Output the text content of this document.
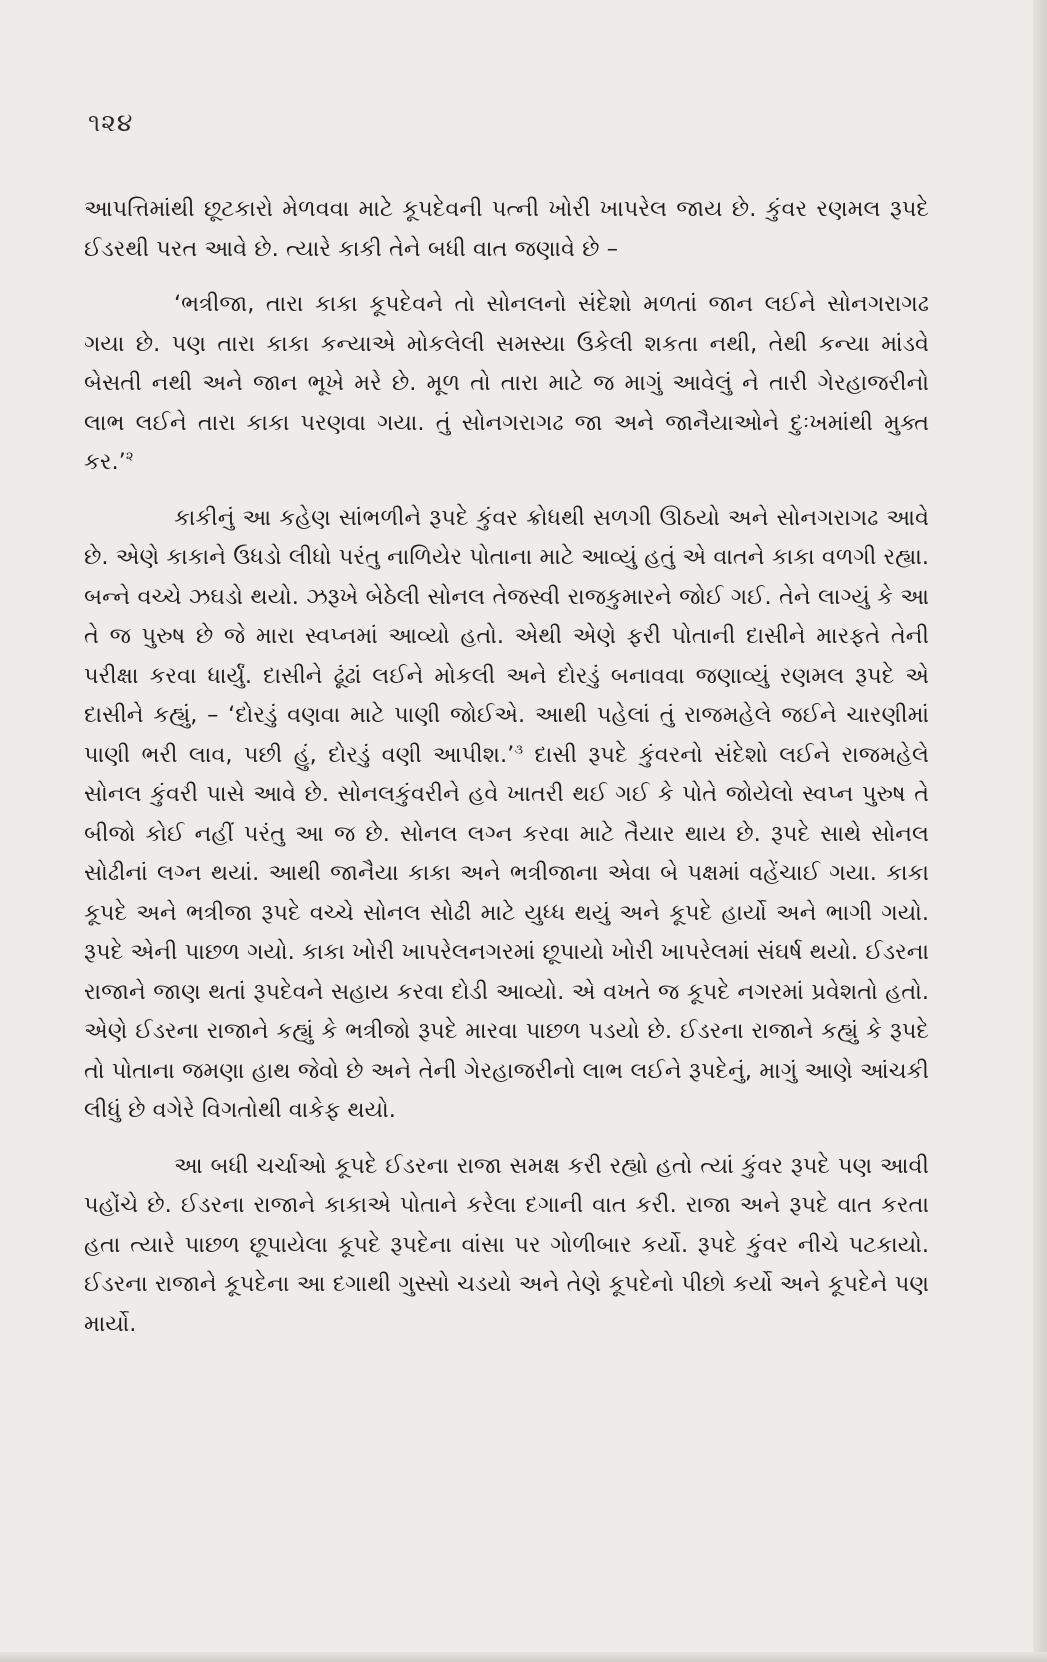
૧૨૪

આપત્તિમાંથી છૂટકારો મેળવવા માટે કૂપદેવની પત્ની ખોરી ખાપરેલ જાય છે. કુંવર રણમલ રૂપદે ઈડરથી પરત આવે છે. ત્યારે કાકી તેને બધી વાત જણાવે છે –

‘ભત્રીજા, તારા કાકા કૂપદેવને તો સોનલનો સંદેશો મળતાં જાન લઈને સોનગરાગઢ ગયા છે. પણ તારા કાકા કન્યાએ મોકલેલી સમસ્યા ઉકેલી શકતા નથી, તેથી કન્યા માંડવે બેસતી નથી અને જાન ભૂખે મરે છે. મૂળ તો તારા માટે જ માગું આવેલું ને તારી ગેરહાજરીનો લાભ લઈને તારા કાકા પરણવા ગયા. તું સોનગરાગઢ જા અને જાનૈયાઓને દુઃખમાંથી મુક્ત કર.’$^૨$

કાકીનું આ કહેણ સાંભળીને રૂપદે કુંવર ક્રોધથી સળગી ઊઠયો અને સોનગરાગઢ આવે છે. એણે કાકાને ઉધડો લીધો પરંતુ નાળિયેર પોતાના માટે આવ્યું હતું એ વાતને કાકા વળગી રહ્યા. બન્ને વચ્ચે ઝઘડો થયો. ઝરૂખે બેઠેલી સોનલ તેજસ્વી રાજકુમારને જોઈ ગઈ. તેને લાગ્યું કે આ તે જ પુરુષ છે જે મારા સ્વપ્નમાં આવ્યો હતો. એથી એણે ફરી પોતાની દાસીને મારફતે તેની પરીક્ષા કરવા ધાર્યું. દાસીને ઢૂંઢાં લઈને મોકલી અને દોરડું બનાવવા જણાવ્યું રણમલ રૂપદે એ દાસીને કહ્યું, – ‘દોરડું વણવા માટે પાણી જોઈએ. આથી પહેલાં તું રાજમહેલે જઈને ચારણીમાં પાણી ભરી લાવ, પછી હું, દોરડું વણી આપીશ.’$^૩$ દાસી રૂપદે કુંવરનો સંદેશો લઈને રાજમહેલે સોનલ કુંવરી પાસે આવે છે. સોનલકુંવરીને હવે ખાતરી થઈ ગઈ કે પોતે જોયેલો સ્વપ્ન પુરુષ તે બીજો કોઈ નહીં પરંતુ આ જ છે. સોનલ લગ્ન કરવા માટે તૈયાર થાય છે. રૂપદે સાથે સોનલ સોઢીનાં લગ્ન થયાં. આથી જાનૈયા કાકા અને ભત્રીજાના એવા બે પક્ષમાં વહેંચાઈ ગયા. કાકા કૂપદે અને ભત્રીજા રૂપદે વચ્ચે સોનલ સોઢી માટે યુધ્ધ થયું અને કૂપદે હાર્યો અને ભાગી ગયો. રૂપદે એની પાછળ ગયો. કાકા ખોરી ખાપરેલનગરમાં છૂપાયો ખોરી ખાપરેલમાં સંઘર્ષ થયો. ઈડરના રાજાને જાણ થતાં રૂપદેવને સહાય કરવા દોડી આવ્યો. એ વખતે જ કૂપદે નગરમાં પ્રવેશતો હતો. એણે ઈડરના રાજાને કહ્યું કે ભત્રીજો રૂપદે મારવા પાછળ પડયો છે. ઈડરના રાજાને કહ્યું કે રૂપદે તો પોતાના જમણા હાથ જેવો છે અને તેની ગેરહાજરીનો લાભ લઈને રૂપદેનું, માગું આણે આંચકી લીધું છે વગેરે વિગતોથી વાકેફ થયો.

આ બધી ચર્ચાઓ કૂપદે ઈડરના રાજા સમક્ષ કરી રહ્યો હતો ત્યાં કુંવર રૂપદે પણ આવી પહોંચે છે. ઈડરના રાજાને કાકાએ પોતાને કરેલા દગાની વાત કરી. રાજા અને રૂપદે વાત કરતા હતા ત્યારે પાછળ છૂપાયેલા કૂપદે રૂપદેના વાંસા પર ગોળીબાર કર્યો. રૂપદે કુંવર નીચે પટકાયો. ઈડરના રાજાને કૂપદેના આ દગાથી ગુસ્સો ચડયો અને તેણે કૂપદેનો પીછો કર્યો અને કૂપદેને પણ માર્યો.
